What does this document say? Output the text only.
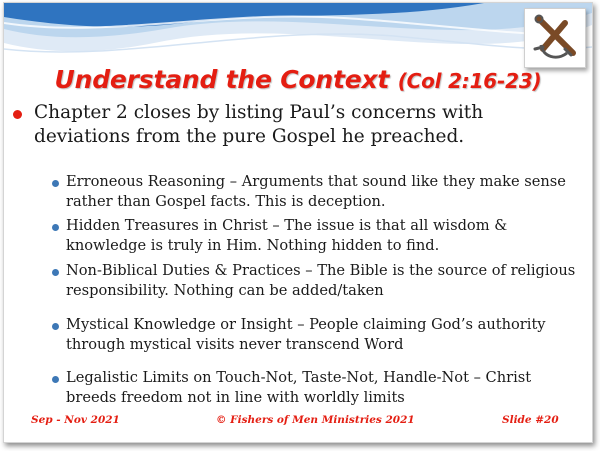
Understand the Context (Col 2:16-23)
Chapter 2 closes by listing Paul’s concerns with deviations from the pure Gospel he preached.
Erroneous Reasoning – Arguments that sound like they make sense rather than Gospel facts. This is deception.
Hidden Treasures in Christ – The issue is that all wisdom & knowledge is truly in Him. Nothing hidden to find.
Non-Biblical Duties & Practices – The Bible is the source of religious responsibility. Nothing can be added/taken
Mystical Knowledge or Insight – People claiming God’s authority through mystical visits never transcend Word
Legalistic Limits on Touch-Not, Taste-Not, Handle-Not – Christ breeds freedom not in line with worldly limits
Sep - Nov 2021	© Fishers of Men Ministries 2021	Slide #20
